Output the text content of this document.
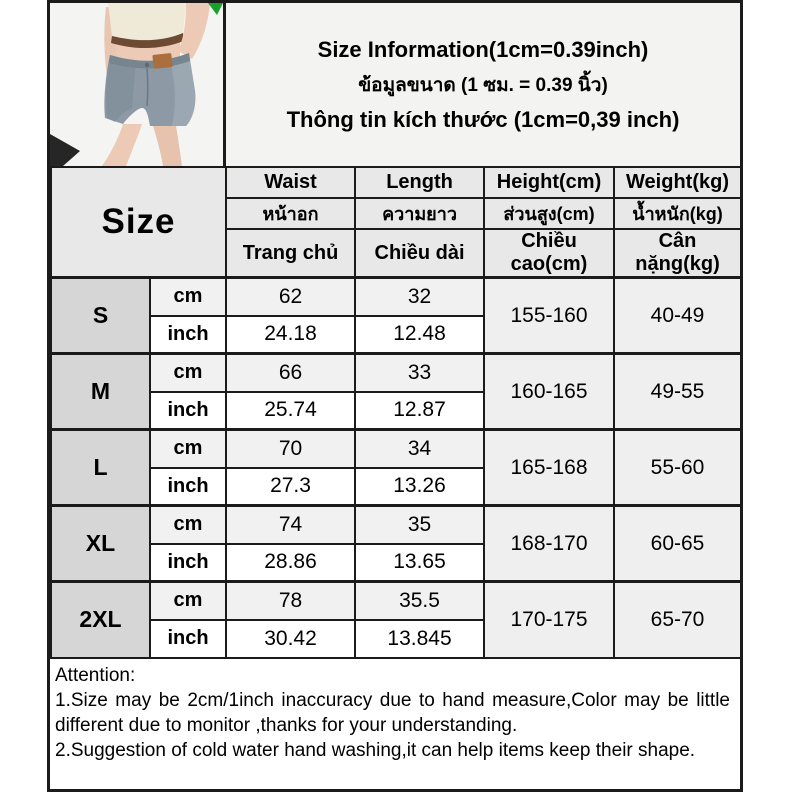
Size Information(1cm=0.39inch)
ข้อมูลขนาด (1 ซม. = 0.39 นิ้ว)
Thông tin kích thước (1cm=0,39 inch)
Size		Waist	Length	Height(cm)	Weight(kg)
		หน้าอก	ความยาว	ส่วนสูง(cm)	น้ำหนัก(kg)
		Trang chủ	Chiều dài	Chiều cao(cm)	Cân nặng(kg)
S	cm	62	32	155-160	40-49
	inch	24.18	12.48		
M	cm	66	33	160-165	49-55
	inch	25.74	12.87		
L	cm	70	34	165-168	55-60
	inch	27.3	13.26		
XL	cm	74	35	168-170	60-65
	inch	28.86	13.65		
2XL	cm	78	35.5	170-175	65-70
	inch	30.42	13.845		
Attention:
1.Size may be 2cm/1inch inaccuracy due to hand measure,Color may be little different due to monitor ,thanks for your understanding.
2.Suggestion of cold water hand washing,it can help items keep their shape.
